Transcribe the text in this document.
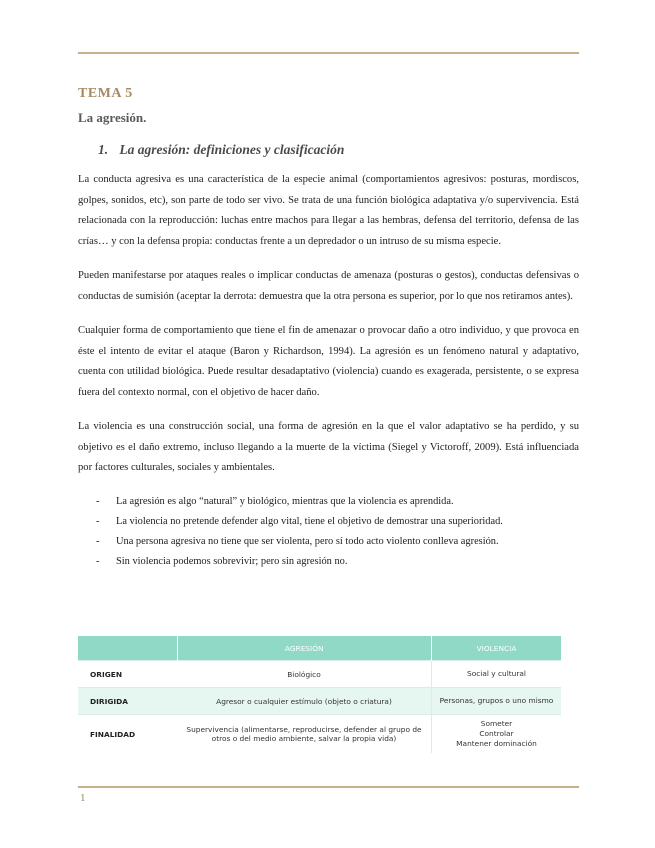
TEMA 5
La agresión.
1. La agresión: definiciones y clasificación

La conducta agresiva es una característica de la especie animal (comportamientos agresivos: posturas, mordiscos, golpes, sonidos, etc), son parte de todo ser vivo. Se trata de una función biológica adaptativa y/o supervivencia. Está relacionada con la reproducción: luchas entre machos para llegar a las hembras, defensa del territorio, defensa de las crías… y con la defensa propia: conductas frente a un depredador o un intruso de su misma especie.

Pueden manifestarse por ataques reales o implicar conductas de amenaza (posturas o gestos), conductas defensivas o conductas de sumisión (aceptar la derrota: demuestra que la otra persona es superior, por lo que nos retiramos antes).

Cualquier forma de comportamiento que tiene el fin de amenazar o provocar daño a otro individuo, y que provoca en éste el intento de evitar el ataque (Baron y Richardson, 1994). La agresión es un fenómeno natural y adaptativo, cuenta con utilidad biológica. Puede resultar desadaptativo (violencia) cuando es exagerada, persistente, o se expresa fuera del contexto normal, con el objetivo de hacer daño.

La violencia es una construcción social, una forma de agresión en la que el valor adaptativo se ha perdido, y su objetivo es el daño extremo, incluso llegando a la muerte de la víctima (Siegel y Victoroff, 2009). Está influenciada por factores culturales, sociales y ambientales.

- La agresión es algo “natural” y biológico, mientras que la violencia es aprendida.
- La violencia no pretende defender algo vital, tiene el objetivo de demostrar una superioridad.
- Una persona agresiva no tiene que ser violenta, pero sí todo acto violento conlleva agresión.
- Sin violencia podemos sobrevivir; pero sin agresión no.
	AGRESIÓN	VIOLENCIA
ORIGEN	Biológico	Social y cultural
DIRIGIDA	Agresor o cualquier estímulo (objeto o criatura)	Personas, grupos o uno mismo
FINALIDAD	Supervivencia (alimentarse, reproducirse, defender al grupo de otros o del medio ambiente, salvar la propia vida)	Someter
Controlar
Mantener dominación
1
